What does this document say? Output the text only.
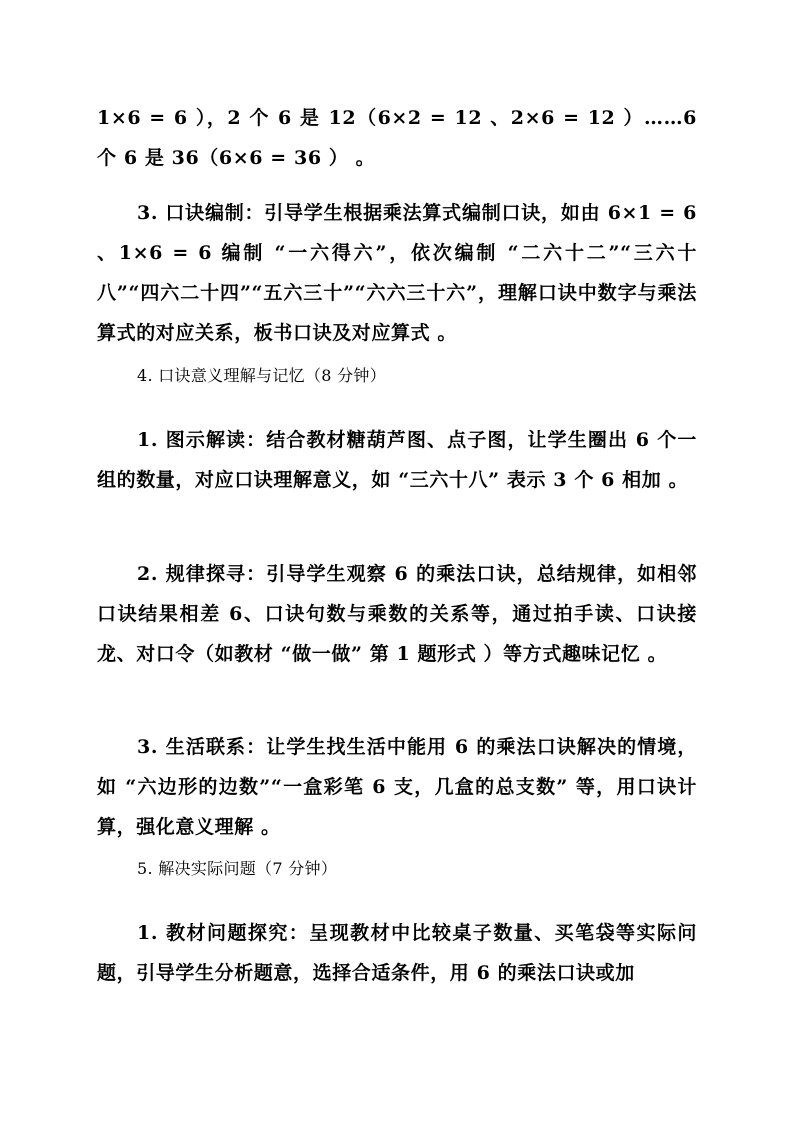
1×6 = 6 ），2 个 6 是 12（6×2 = 12 、2×6 = 12 ）……6 个 6 是 36（6×6 = 36 ） 。

3. 口诀编制：引导学生根据乘法算式编制口诀，如由 6×1 = 6 、1×6 = 6 编制 “一六得六”，依次编制 “二六十二”“三六十八”“四六二十四”“五六三十”“六六三十六”，理解口诀中数字与乘法算式的对应关系，板书口诀及对应算式 。

4. 口诀意义理解与记忆（8 分钟）

1. 图示解读：结合教材糖葫芦图、点子图，让学生圈出 6 个一组的数量，对应口诀理解意义，如 “三六十八” 表示 3 个 6 相加 。

2. 规律探寻：引导学生观察 6 的乘法口诀，总结规律，如相邻口诀结果相差 6、口诀句数与乘数的关系等，通过拍手读、口诀接龙、对口令（如教材 “做一做” 第 1 题形式 ）等方式趣味记忆 。

3. 生活联系：让学生找生活中能用 6 的乘法口诀解决的情境，如 “六边形的边数”“一盒彩笔 6 支，几盒的总支数” 等，用口诀计算，强化意义理解 。

5. 解决实际问题（7 分钟）

1. 教材问题探究：呈现教材中比较桌子数量、买笔袋等实际问题，引导学生分析题意，选择合适条件，用 6 的乘法口诀或加
